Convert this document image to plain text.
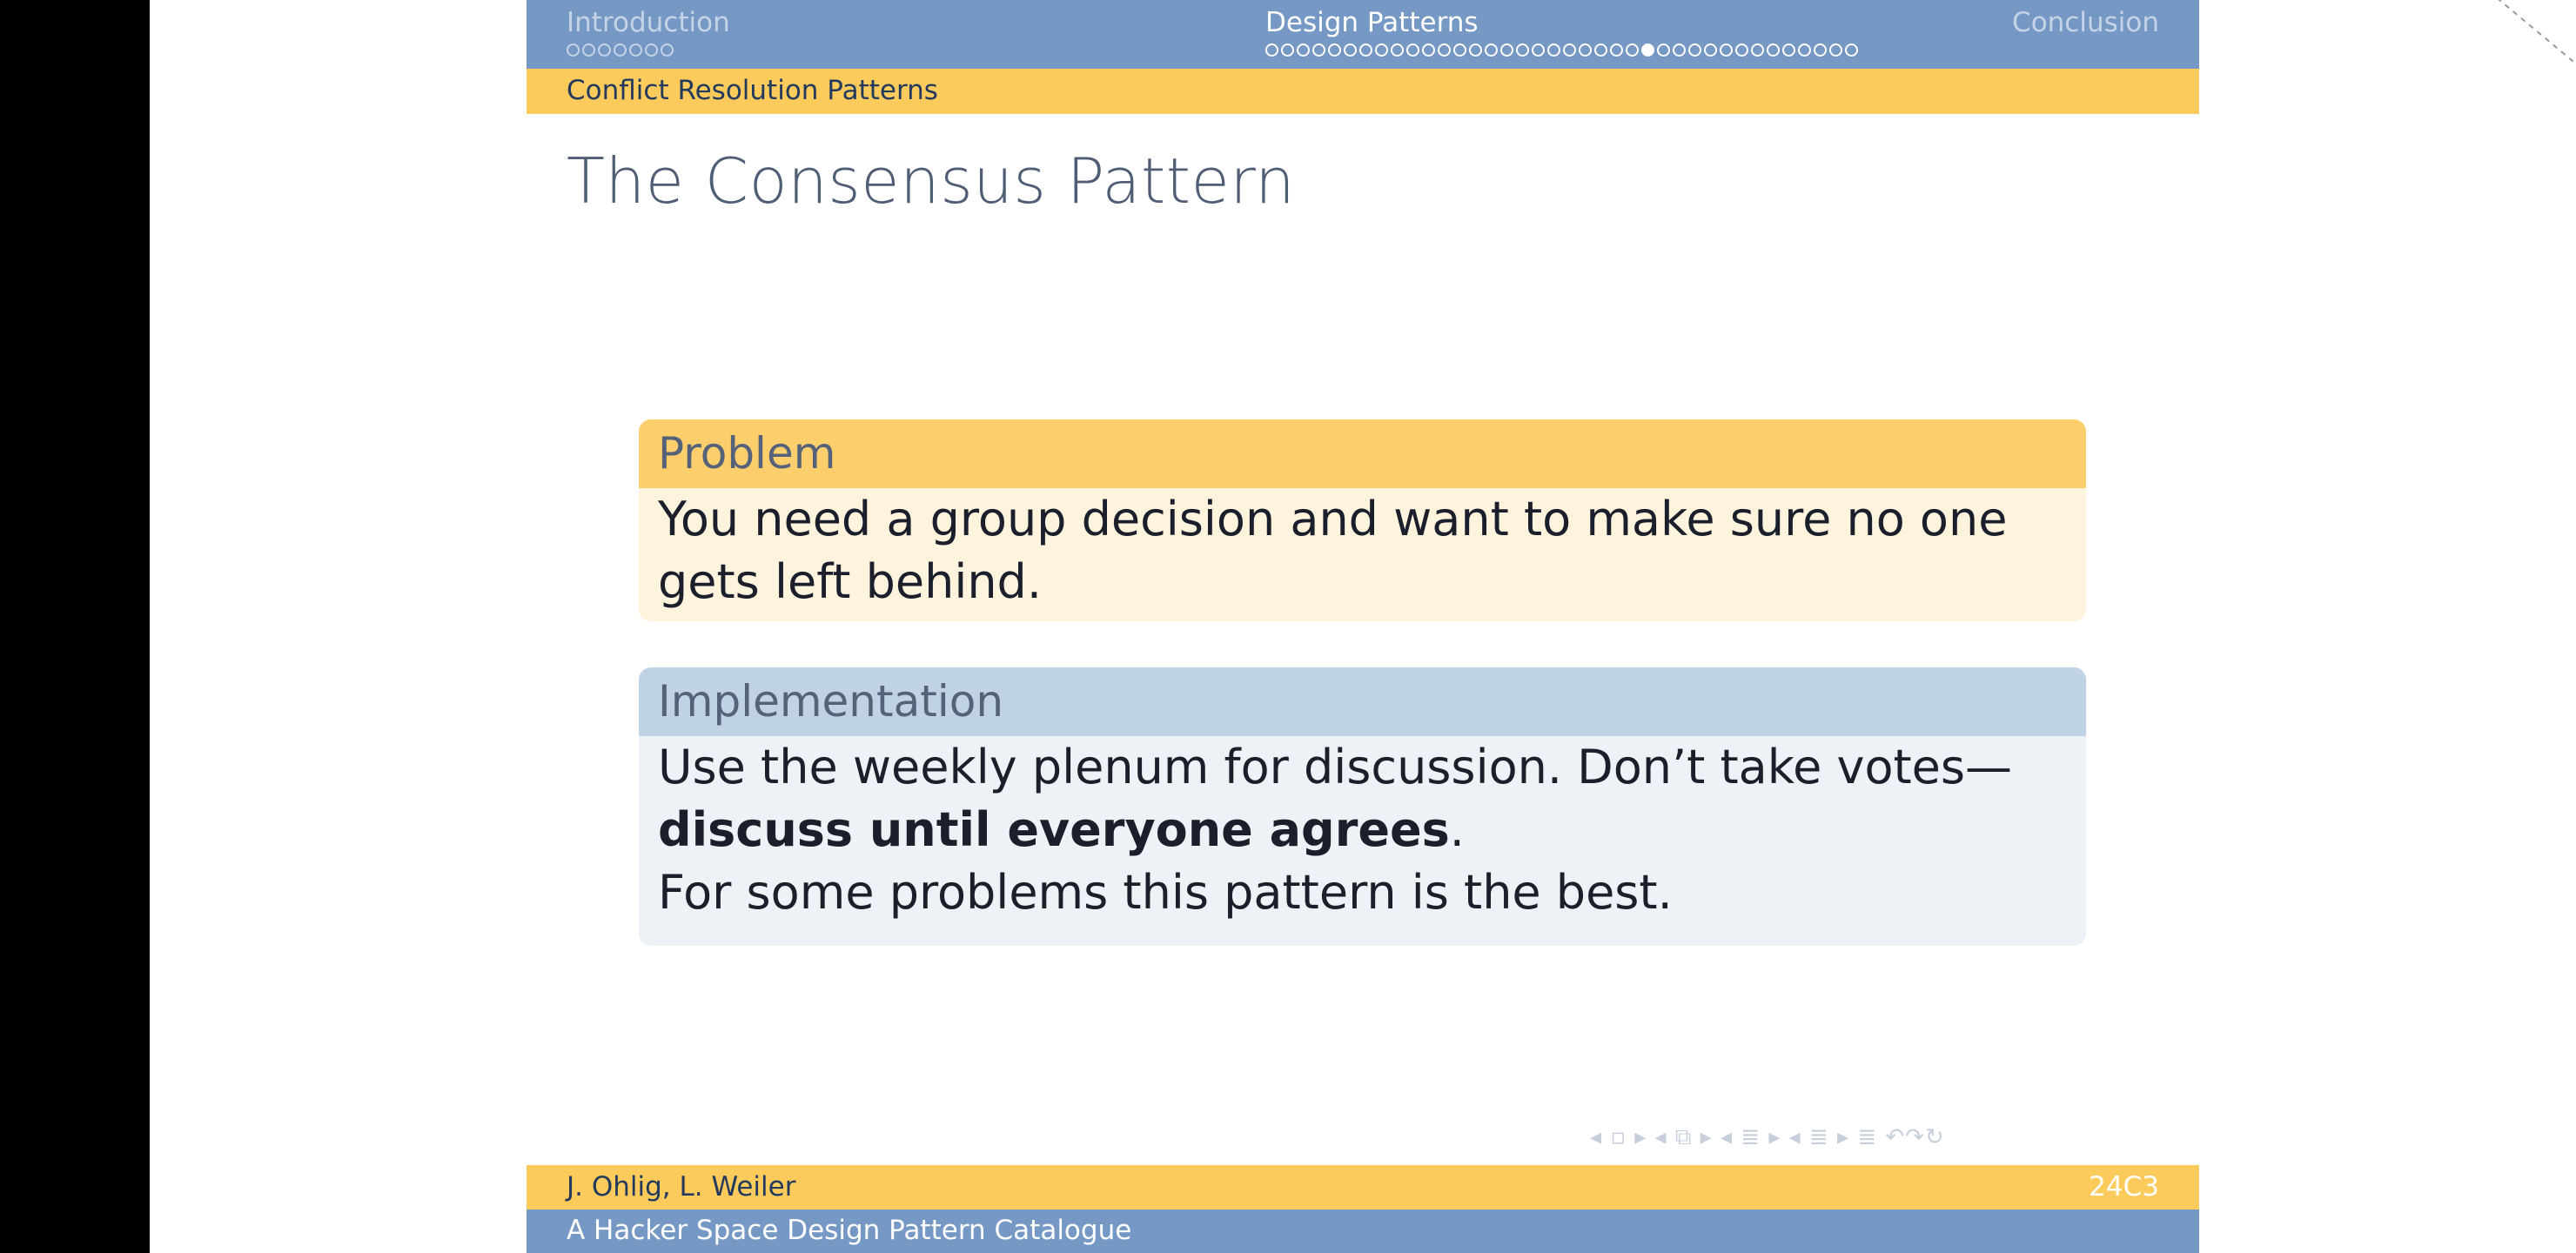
Introduction	Design Patterns	Conclusion
Conflict Resolution Patterns
The Consensus Pattern
Problem
You need a group decision and want to make sure no one gets left behind.
Implementation
Use the weekly plenum for discussion. Don’t take votes—discuss until everyone agrees.
For some problems this pattern is the best.
◂ ▫ ▸ ◂ ⧉ ▸ ◂ ≣ ▸ ◂ ≣ ▸ ≣ ↶↷↻
J. Ohlig, L. Weiler	24C3
A Hacker Space Design Pattern Catalogue
